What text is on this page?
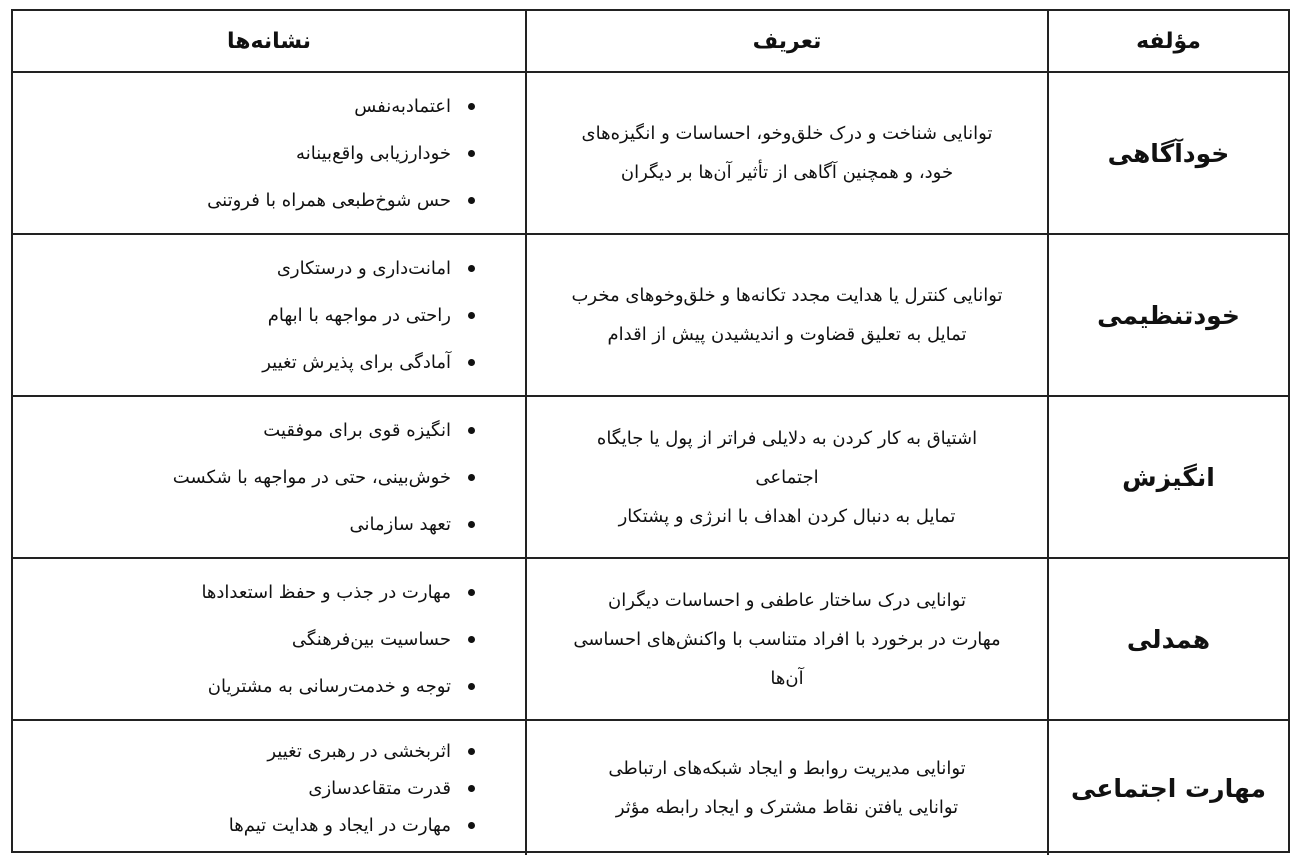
مؤلفه
تعریف
نشانه‌ها
خودآگاهی

توانایی شناخت و درک خلق‌وخو، احساسات و انگیزه‌های خود، و همچنین آگاهی از تأثیر آن‌ها بر دیگران

اعتمادبه‌نفس
خودارزیابی واقع‌بینانه
حس شوخ‌طبعی همراه با فروتنی
خودتنظیمی

توانایی کنترل یا هدایت مجدد تکانه‌ها و خلق‌وخوهای مخرب

تمایل به تعلیق قضاوت و اندیشیدن پیش از اقدام

امانت‌داری و درستکاری
راحتی در مواجهه با ابهام
آمادگی برای پذیرش تغییر
انگیزش

اشتیاق به کار کردن به دلایلی فراتر از پول یا جایگاه اجتماعی

تمایل به دنبال کردن اهداف با انرژی و پشتکار

انگیزه قوی برای موفقیت
خوش‌بینی، حتی در مواجهه با شکست
تعهد سازمانی
همدلی

توانایی درک ساختار عاطفی و احساسات دیگران

مهارت در برخورد با افراد متناسب با واکنش‌های احساسی آن‌ها

مهارت در جذب و حفظ استعدادها
حساسیت بین‌فرهنگی
توجه و خدمت‌رسانی به مشتریان
مهارت اجتماعی

توانایی مدیریت روابط و ایجاد شبکه‌های ارتباطی

توانایی یافتن نقاط مشترک و ایجاد رابطه مؤثر

اثربخشی در رهبری تغییر
قدرت متقاعدسازی
مهارت در ایجاد و هدایت تیم‌ها
